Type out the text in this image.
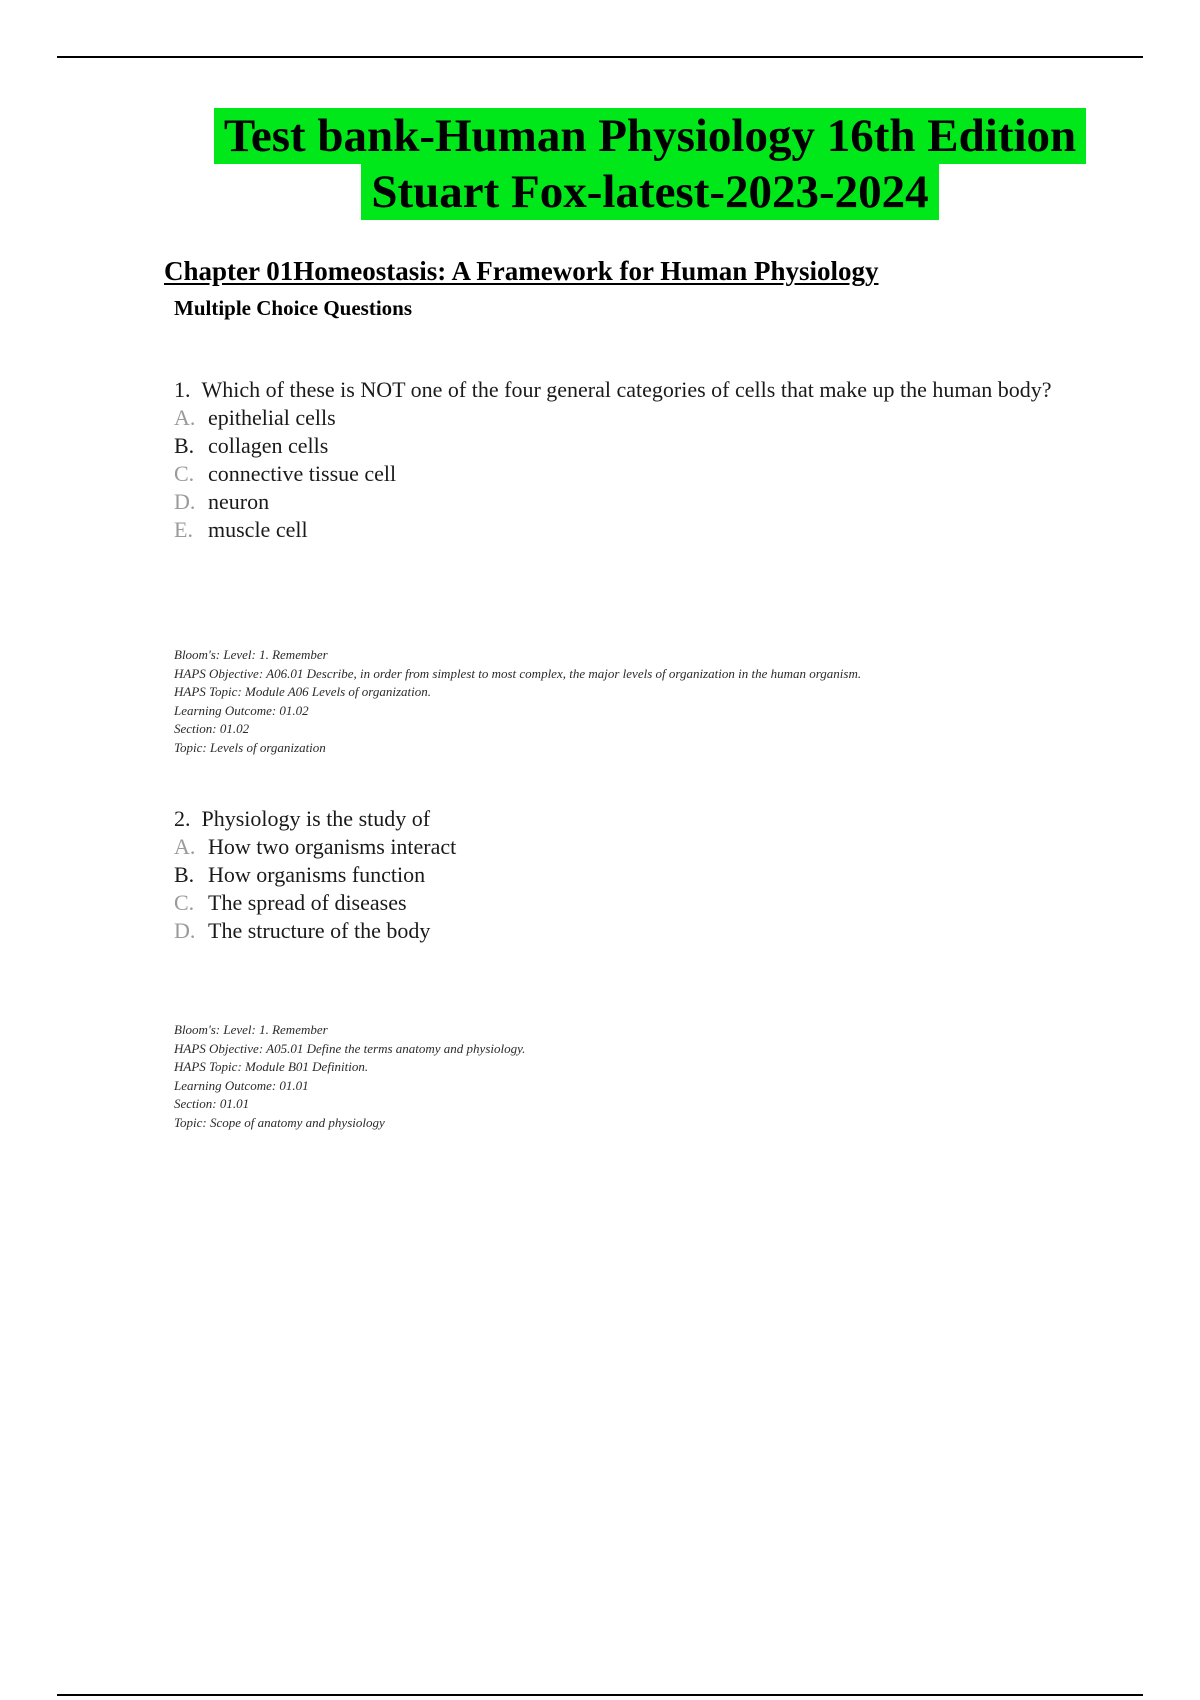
Test bank-Human Physiology 16th Edition
Stuart Fox-latest-2023-2024
Chapter 01Homeostasis: A Framework for Human Physiology
Multiple Choice Questions

1. Which of these is NOT one of the four general categories of cells that make up the human body?

A. epithelial cells
B. collagen cells
C. connective tissue cell
D. neuron
E. muscle cell
Bloom's: Level: 1. Remember
HAPS Objective: A06.01 Describe, in order from simplest to most complex, the major levels of organization in the human organism.
HAPS Topic: Module A06 Levels of organization.
Learning Outcome: 01.02
Section: 01.02
Topic: Levels of organization

2. Physiology is the study of

A. How two organisms interact
B. How organisms function
C. The spread of diseases
D. The structure of the body
Bloom's: Level: 1. Remember
HAPS Objective: A05.01 Define the terms anatomy and physiology.
HAPS Topic: Module B01 Definition.
Learning Outcome: 01.01
Section: 01.01
Topic: Scope of anatomy and physiology
